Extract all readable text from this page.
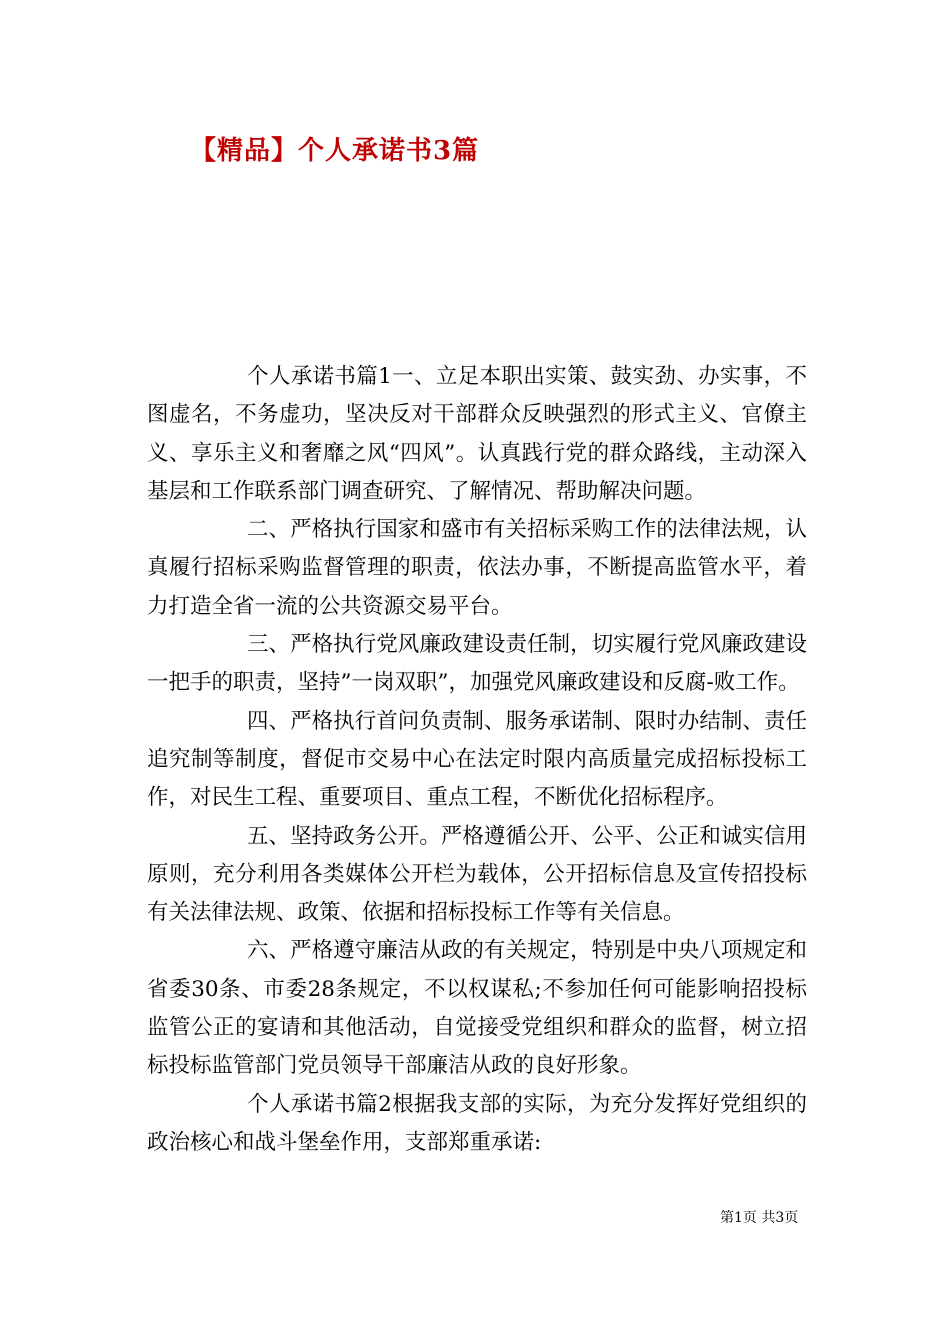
【精品】个人承诺书3篇

个人承诺书篇1一、立足本职出实策、鼓实劲、办实事，不图虚名，不务虚功，坚决反对干部群众反映强烈的形式主义、官僚主义、享乐主义和奢靡之风“四风”。认真践行党的群众路线，主动深入基层和工作联系部门调查研究、了解情况、帮助解决问题。

二、严格执行国家和盛市有关招标采购工作的法律法规，认真履行招标采购监督管理的职责，依法办事，不断提高监管水平，着力打造全省一流的公共资源交易平台。

三、严格执行党风廉政建设责任制，切实履行党风廉政建设一把手的职责，坚持”一岗双职”，加强党风廉政建设和反腐-败工作。

四、严格执行首问负责制、服务承诺制、限时办结制、责任追究制等制度，督促市交易中心在法定时限内高质量完成招标投标工作，对民生工程、重要项目、重点工程，不断优化招标程序。

五、坚持政务公开。严格遵循公开、公平、公正和诚实信用原则，充分利用各类媒体公开栏为载体，公开招标信息及宣传招投标有关法律法规、政策、依据和招标投标工作等有关信息。

六、严格遵守廉洁从政的有关规定，特别是中央八项规定和省委30条、市委28条规定，不以权谋私;不参加任何可能影响招投标监管公正的宴请和其他活动，自觉接受党组织和群众的监督，树立招标投标监管部门党员领导干部廉洁从政的良好形象。

个人承诺书篇2根据我支部的实际，为充分发挥好党组织的政治核心和战斗堡垒作用，支部郑重承诺:

第1页 共3页
